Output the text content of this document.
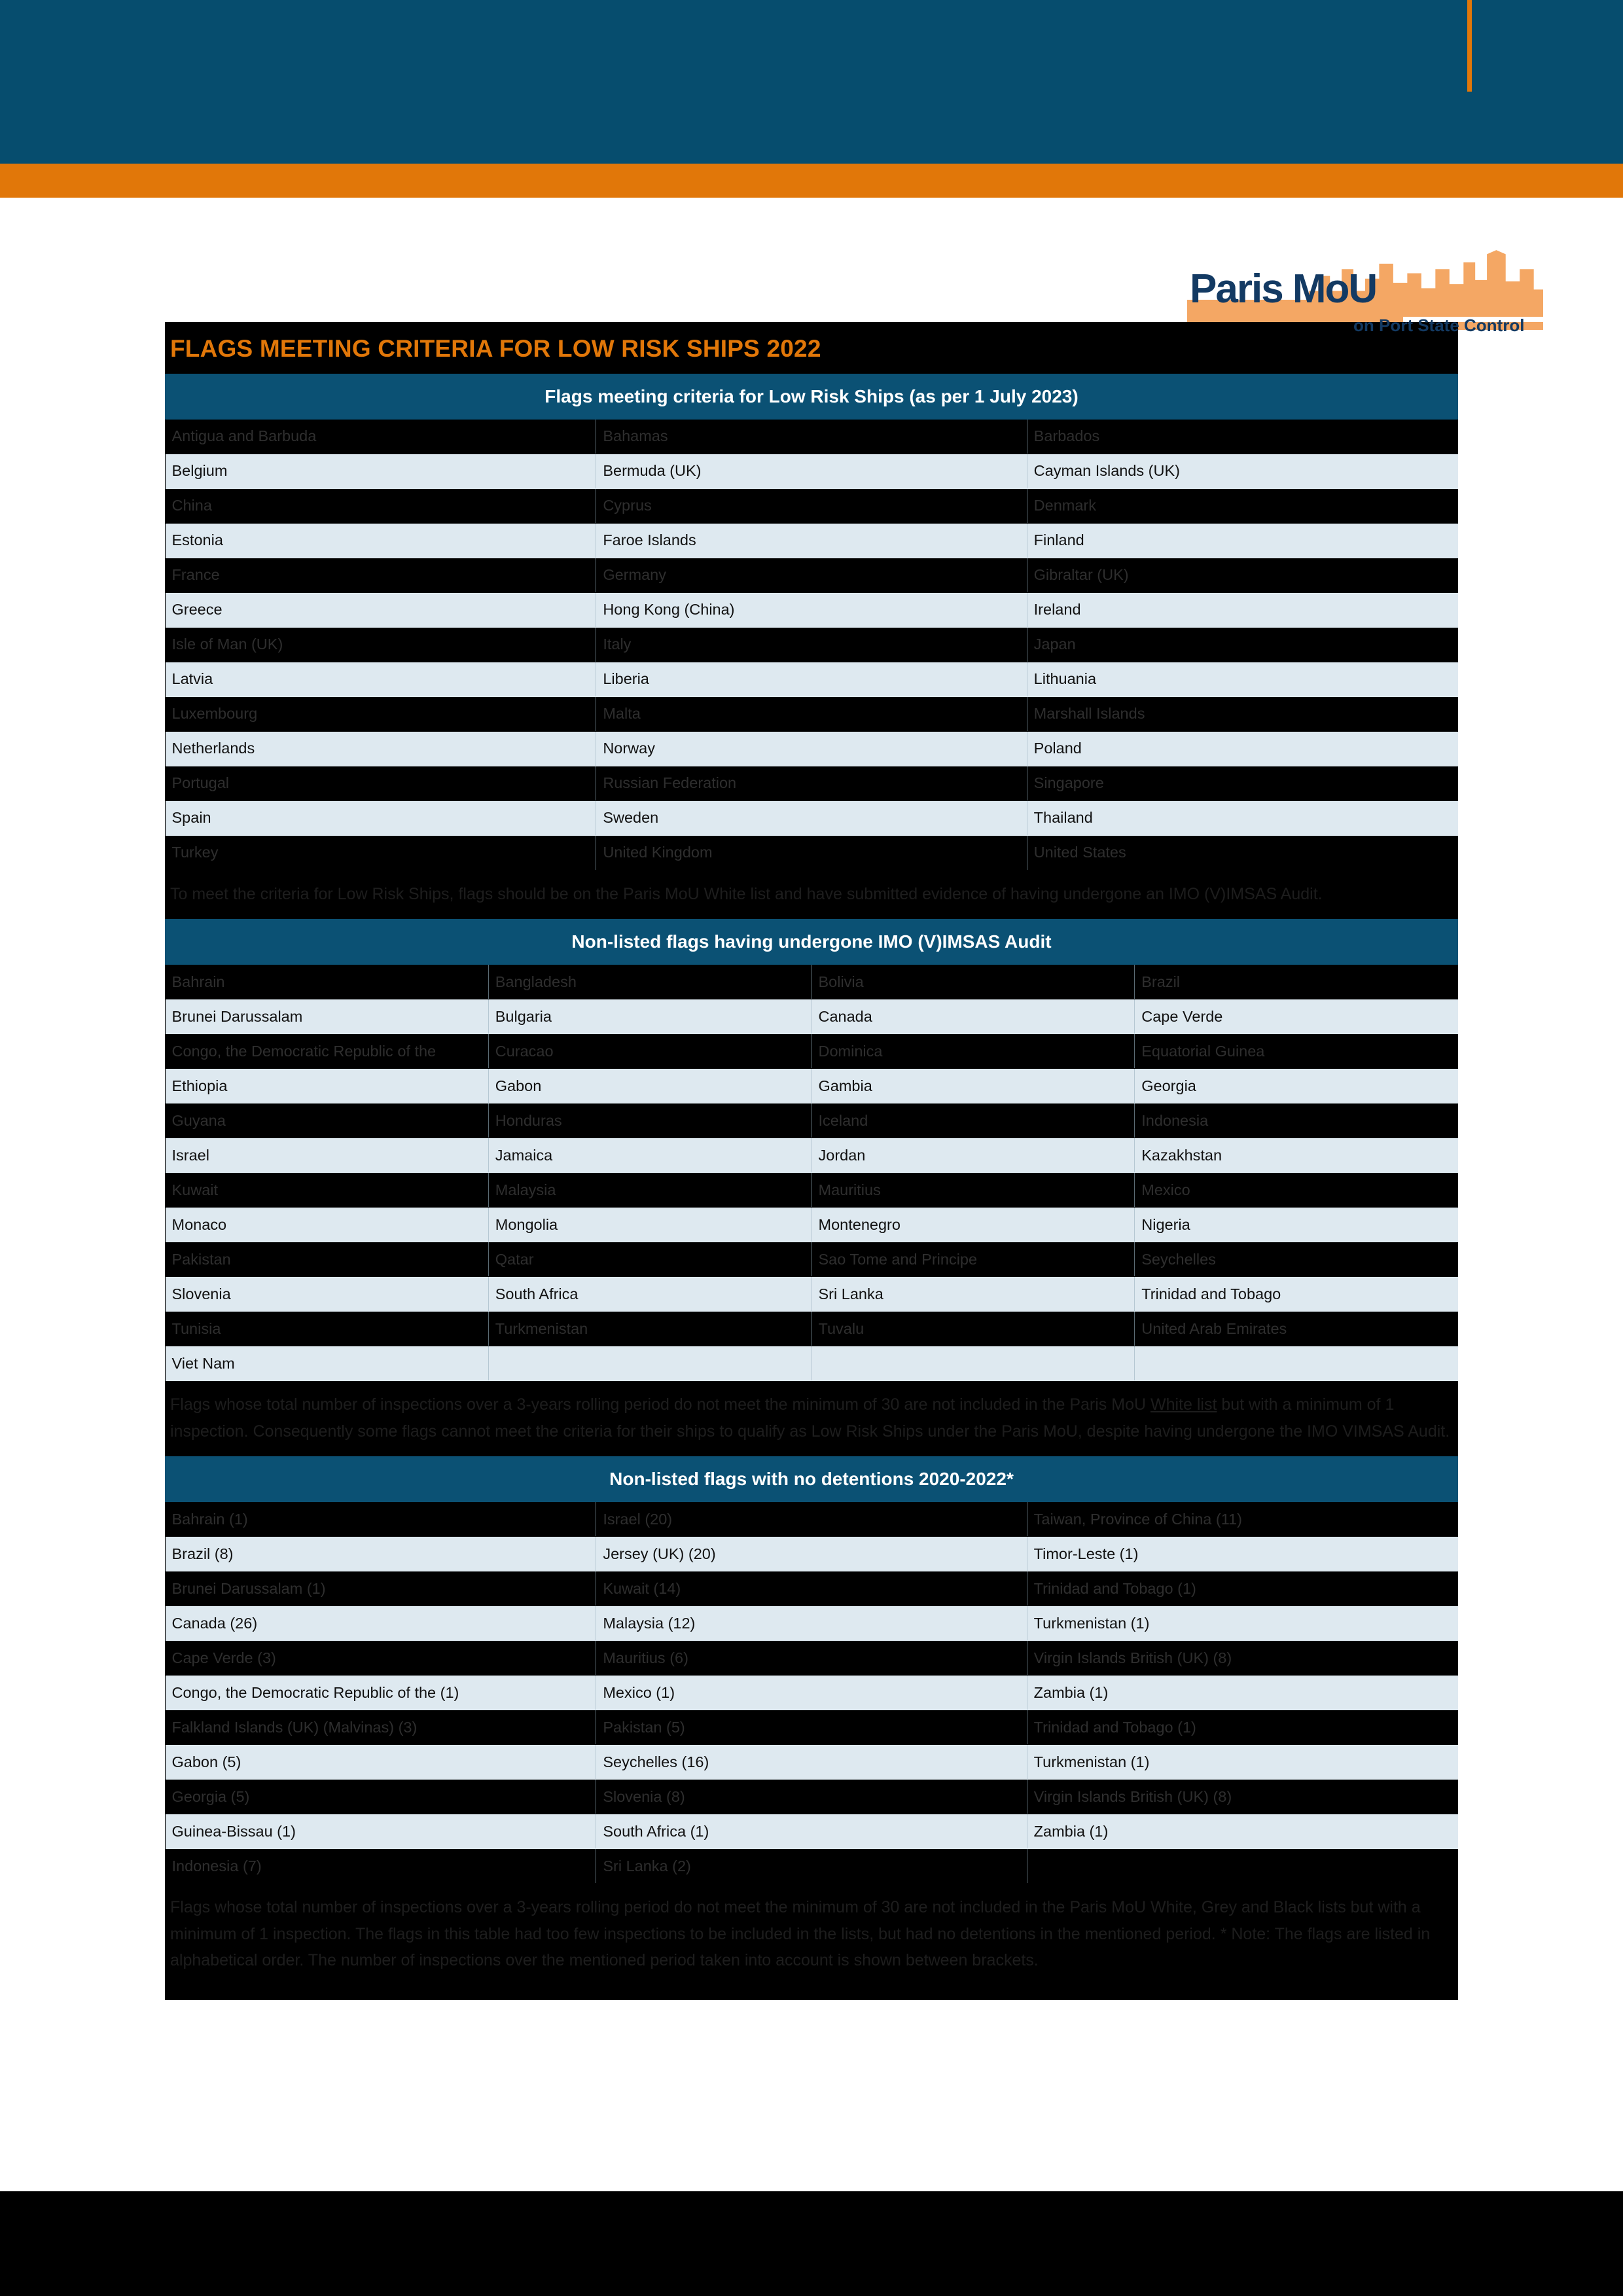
Paris MoU
on Port State Control
FLAGS MEETING CRITERIA FOR LOW RISK SHIPS 2022
Flags meeting criteria for Low Risk Ships (as per 1 July 2023)		
Antigua and Barbuda	Bahamas	Barbados
Belgium	Bermuda (UK)	Cayman Islands (UK)
China	Cyprus	Denmark
Estonia	Faroe Islands	Finland
France	Germany	Gibraltar (UK)
Greece	Hong Kong (China)	Ireland
Isle of Man (UK)	Italy	Japan
Latvia	Liberia	Lithuania
Luxembourg	Malta	Marshall Islands
Netherlands	Norway	Poland
Portugal	Russian Federation	Singapore
Spain	Sweden	Thailand
Turkey	United Kingdom	United States
To meet the criteria for Low Risk Ships, flags should be on the Paris MoU White list and have submitted evidence of having undergone an IMO (V)IMSAS Audit.
Non-listed flags having undergone IMO (V)IMSAS Audit			
Bahrain	Bangladesh	Bolivia	Brazil
Brunei Darussalam	Bulgaria	Canada	Cape Verde
Congo, the Democratic Republic of the	Curacao	Dominica	Equatorial Guinea
Ethiopia	Gabon	Gambia	Georgia
Guyana	Honduras	Iceland	Indonesia
Israel	Jamaica	Jordan	Kazakhstan
Kuwait	Malaysia	Mauritius	Mexico
Monaco	Mongolia	Montenegro	Nigeria
Pakistan	Qatar	Sao Tome and Principe	Seychelles
Slovenia	South Africa	Sri Lanka	Trinidad and Tobago
Tunisia	Turkmenistan	Tuvalu	United Arab Emirates
Viet Nam			
Flags whose total number of inspections over a 3-years rolling period do not meet the minimum of 30 are not included in the Paris MoU White list but with a minimum of 1 inspection. Consequently some flags cannot meet the criteria for their ships to qualify as Low Risk Ships under the Paris MoU, despite having undergone the IMO VIMSAS Audit.
Non-listed flags with no detentions 2020-2022*		
Bahrain (1)	Israel (20)	Taiwan, Province of China (11)
Brazil (8)	Jersey (UK) (20)	Timor-Leste (1)
Brunei Darussalam (1)	Kuwait (14)	Trinidad and Tobago (1)
Canada (26)	Malaysia (12)	Turkmenistan (1)
Cape Verde (3)	Mauritius (6)	Virgin Islands British (UK) (8)
Congo, the Democratic Republic of the (1)	Mexico (1)	Zambia (1)
Falkland Islands (UK) (Malvinas) (3)	Pakistan (5)	Trinidad and Tobago (1)
Gabon (5)	Seychelles (16)	Turkmenistan (1)
Georgia (5)	Slovenia (8)	Virgin Islands British (UK) (8)
Guinea-Bissau (1)	South Africa (1)	Zambia (1)
Indonesia (7)	Sri Lanka (2)	
Flags whose total number of inspections over a 3-years rolling period do not meet the minimum of 30 are not included in the Paris MoU White, Grey and Black lists but with a minimum of 1 inspection. The flags in this table had too few inspections to be included in the lists, but had no detentions in the mentioned period. * Note: The flags are listed in alphabetical order. The number of inspections over the mentioned period taken into account is shown between brackets.
